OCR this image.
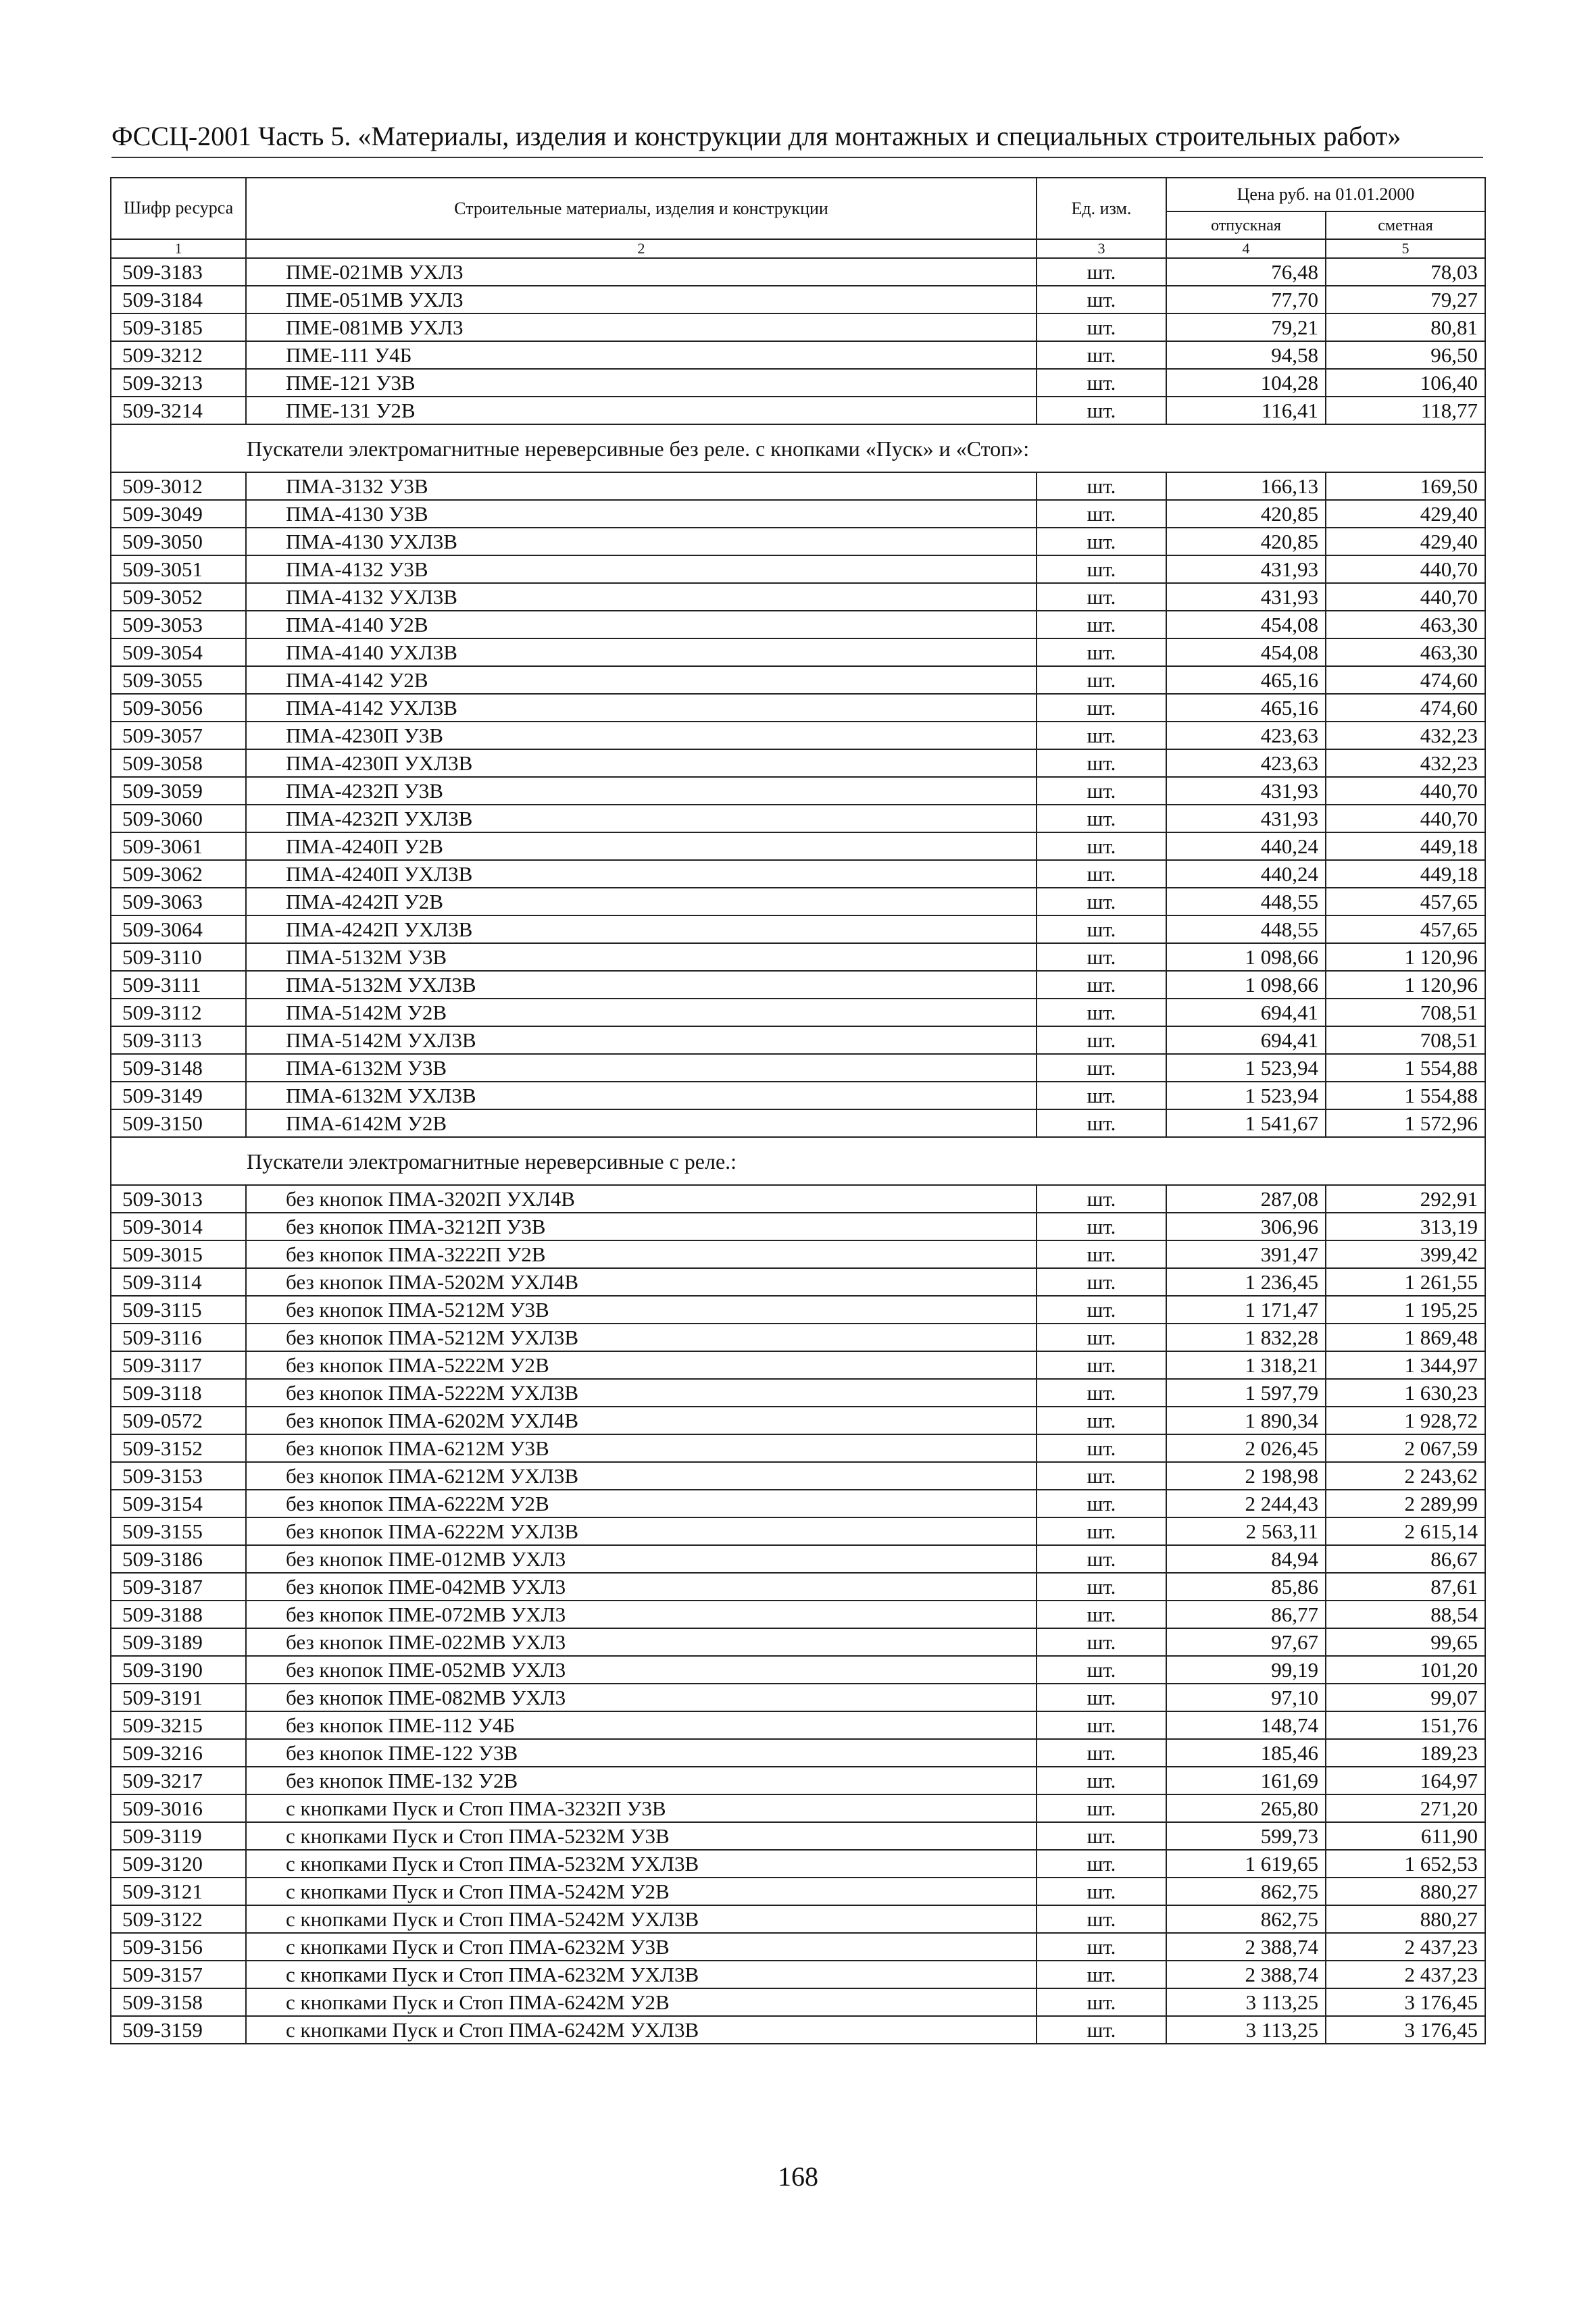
ФССЦ-2001 Часть 5. «Материалы, изделия и конструкции для монтажных и специальных строительных работ»
Шифр ресурса	Строительные материалы, изделия и конструкции	Ед. изм.	Цена руб. на 01.01.2000	
			отпускная	сметная
1	2	3	4	5
509-3183	ПМЕ-021МВ УХЛ3	шт.	76,48	78,03
509-3184	ПМЕ-051МВ УХЛ3	шт.	77,70	79,27
509-3185	ПМЕ-081МВ УХЛ3	шт.	79,21	80,81
509-3212	ПМЕ-111 У4Б	шт.	94,58	96,50
509-3213	ПМЕ-121 У3В	шт.	104,28	106,40
509-3214	ПМЕ-131 У2В	шт.	116,41	118,77
Пускатели электромагнитные нереверсивные без реле. с кнопками «Пуск» и «Стоп»:				
509-3012	ПМА-3132 У3В	шт.	166,13	169,50
509-3049	ПМА-4130 У3В	шт.	420,85	429,40
509-3050	ПМА-4130 УХЛ3В	шт.	420,85	429,40
509-3051	ПМА-4132 У3В	шт.	431,93	440,70
509-3052	ПМА-4132 УХЛ3В	шт.	431,93	440,70
509-3053	ПМА-4140 У2В	шт.	454,08	463,30
509-3054	ПМА-4140 УХЛ3В	шт.	454,08	463,30
509-3055	ПМА-4142 У2В	шт.	465,16	474,60
509-3056	ПМА-4142 УХЛ3В	шт.	465,16	474,60
509-3057	ПМА-4230П У3В	шт.	423,63	432,23
509-3058	ПМА-4230П УХЛ3В	шт.	423,63	432,23
509-3059	ПМА-4232П У3В	шт.	431,93	440,70
509-3060	ПМА-4232П УХЛ3В	шт.	431,93	440,70
509-3061	ПМА-4240П У2В	шт.	440,24	449,18
509-3062	ПМА-4240П УХЛ3В	шт.	440,24	449,18
509-3063	ПМА-4242П У2В	шт.	448,55	457,65
509-3064	ПМА-4242П УХЛ3В	шт.	448,55	457,65
509-3110	ПМА-5132М У3В	шт.	1 098,66	1 120,96
509-3111	ПМА-5132М УХЛ3В	шт.	1 098,66	1 120,96
509-3112	ПМА-5142М У2В	шт.	694,41	708,51
509-3113	ПМА-5142М УХЛ3В	шт.	694,41	708,51
509-3148	ПМА-6132М У3В	шт.	1 523,94	1 554,88
509-3149	ПМА-6132М УХЛ3В	шт.	1 523,94	1 554,88
509-3150	ПМА-6142М У2В	шт.	1 541,67	1 572,96
Пускатели электромагнитные нереверсивные с реле.:				
509-3013	без кнопок ПМА-3202П УХЛ4В	шт.	287,08	292,91
509-3014	без кнопок ПМА-3212П У3В	шт.	306,96	313,19
509-3015	без кнопок ПМА-3222П У2В	шт.	391,47	399,42
509-3114	без кнопок ПМА-5202М УХЛ4В	шт.	1 236,45	1 261,55
509-3115	без кнопок ПМА-5212М У3В	шт.	1 171,47	1 195,25
509-3116	без кнопок ПМА-5212М УХЛ3В	шт.	1 832,28	1 869,48
509-3117	без кнопок ПМА-5222М У2В	шт.	1 318,21	1 344,97
509-3118	без кнопок ПМА-5222М УХЛ3В	шт.	1 597,79	1 630,23
509-0572	без кнопок ПМА-6202М УХЛ4В	шт.	1 890,34	1 928,72
509-3152	без кнопок ПМА-6212М У3В	шт.	2 026,45	2 067,59
509-3153	без кнопок ПМА-6212М УХЛ3В	шт.	2 198,98	2 243,62
509-3154	без кнопок ПМА-6222М У2В	шт.	2 244,43	2 289,99
509-3155	без кнопок ПМА-6222М УХЛ3В	шт.	2 563,11	2 615,14
509-3186	без кнопок ПМЕ-012МВ УХЛ3	шт.	84,94	86,67
509-3187	без кнопок ПМЕ-042МВ УХЛ3	шт.	85,86	87,61
509-3188	без кнопок ПМЕ-072МВ УХЛ3	шт.	86,77	88,54
509-3189	без кнопок ПМЕ-022МВ УХЛ3	шт.	97,67	99,65
509-3190	без кнопок ПМЕ-052МВ УХЛ3	шт.	99,19	101,20
509-3191	без кнопок ПМЕ-082МВ УХЛ3	шт.	97,10	99,07
509-3215	без кнопок ПМЕ-112 У4Б	шт.	148,74	151,76
509-3216	без кнопок ПМЕ-122 У3В	шт.	185,46	189,23
509-3217	без кнопок ПМЕ-132 У2В	шт.	161,69	164,97
509-3016	с кнопками Пуск и Стоп ПМА-3232П У3В	шт.	265,80	271,20
509-3119	с кнопками Пуск и Стоп ПМА-5232М У3В	шт.	599,73	611,90
509-3120	с кнопками Пуск и Стоп ПМА-5232М УХЛ3В	шт.	1 619,65	1 652,53
509-3121	с кнопками Пуск и Стоп ПМА-5242М У2В	шт.	862,75	880,27
509-3122	с кнопками Пуск и Стоп ПМА-5242М УХЛ3В	шт.	862,75	880,27
509-3156	с кнопками Пуск и Стоп ПМА-6232М У3В	шт.	2 388,74	2 437,23
509-3157	с кнопками Пуск и Стоп ПМА-6232М УХЛ3В	шт.	2 388,74	2 437,23
509-3158	с кнопками Пуск и Стоп ПМА-6242М У2В	шт.	3 113,25	3 176,45
509-3159	с кнопками Пуск и Стоп ПМА-6242М УХЛ3В	шт.	3 113,25	3 176,45
168
